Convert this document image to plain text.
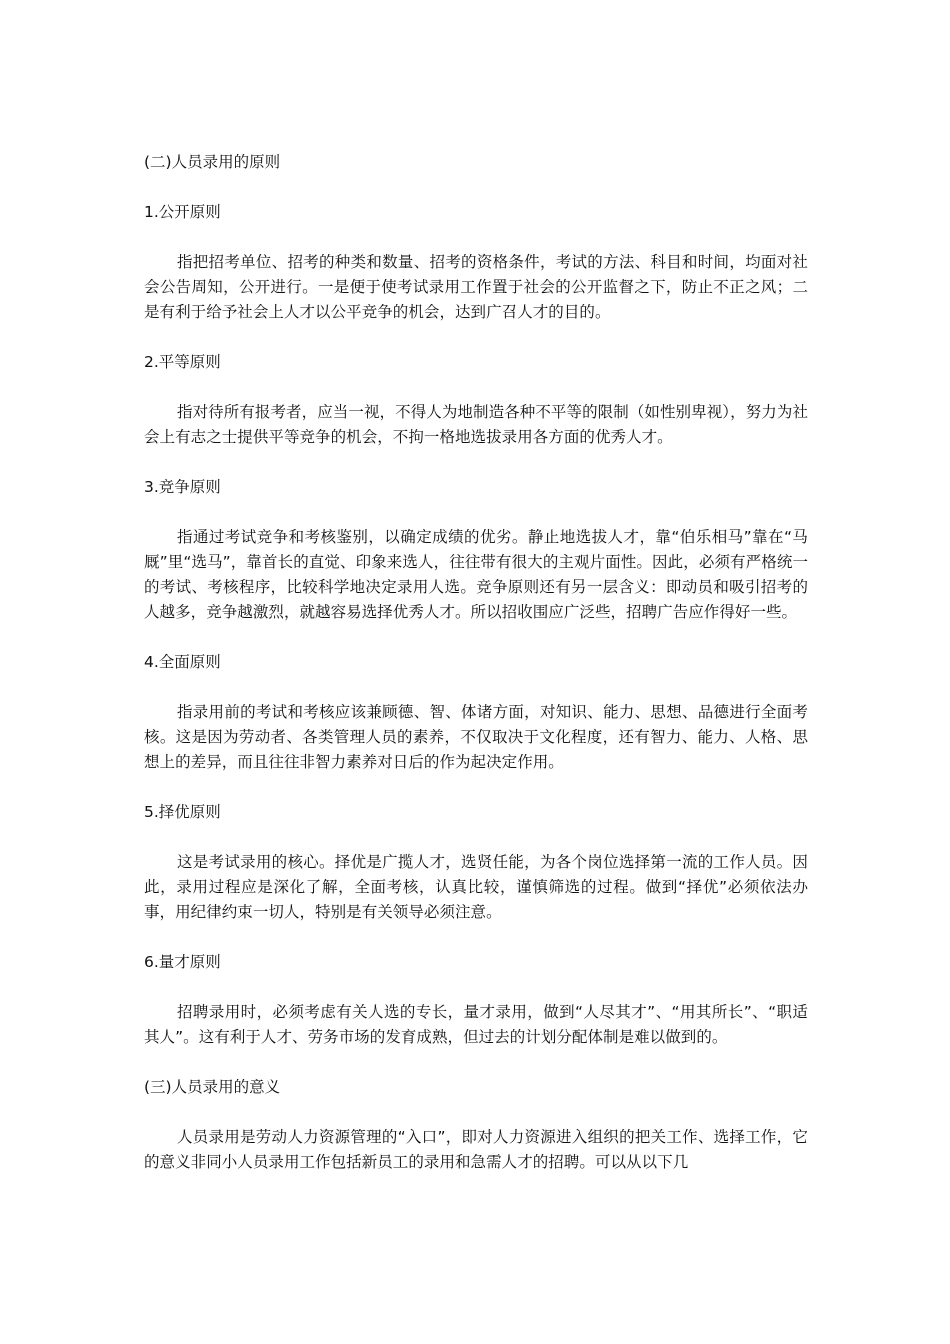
(二)人员录用的原则
1.公开原则
指把招考单位、招考的种类和数量、招考的资格条件，考试的方法、科目和时间，均面对社会公告周知，公开进行。一是便于使考试录用工作置于社会的公开监督之下，防止不正之风；二是有利于给予社会上人才以公平竞争的机会，达到广召人才的目的。
2.平等原则
指对待所有报考者，应当一视，不得人为地制造各种不平等的限制（如性别卑视），努力为社会上有志之士提供平等竞争的机会，不拘一格地选拔录用各方面的优秀人才。
3.竞争原则
指通过考试竞争和考核鉴别，以确定成绩的优劣。静止地选拔人才，靠“伯乐相马”靠在“马厩”里“选马”，靠首长的直觉、印象来选人，往往带有很大的主观片面性。因此，必须有严格统一的考试、考核程序，比较科学地决定录用人选。竞争原则还有另一层含义：即动员和吸引招考的人越多，竞争越激烈，就越容易选择优秀人才。所以招收围应广泛些，招聘广告应作得好一些。
4.全面原则
指录用前的考试和考核应该兼顾德、智、体诸方面，对知识、能力、思想、品德进行全面考核。这是因为劳动者、各类管理人员的素养，不仅取决于文化程度，还有智力、能力、人格、思想上的差异，而且往往非智力素养对日后的作为起决定作用。
5.择优原则
这是考试录用的核心。择优是广揽人才，选贤任能，为各个岗位选择第一流的工作人员。因此，录用过程应是深化了解，全面考核，认真比较，谨慎筛选的过程。做到“择优”必须依法办事，用纪律约束一切人，特别是有关领导必须注意。
6.量才原则
招聘录用时，必须考虑有关人选的专长，量才录用，做到“人尽其才”、“用其所长”、“职适其人”。这有利于人才、劳务市场的发育成熟，但过去的计划分配体制是难以做到的。
(三)人员录用的意义
人员录用是劳动人力资源管理的“入口”，即对人力资源进入组织的把关工作、选择工作，它的意义非同小人员录用工作包括新员工的录用和急需人才的招聘。可以从以下几
